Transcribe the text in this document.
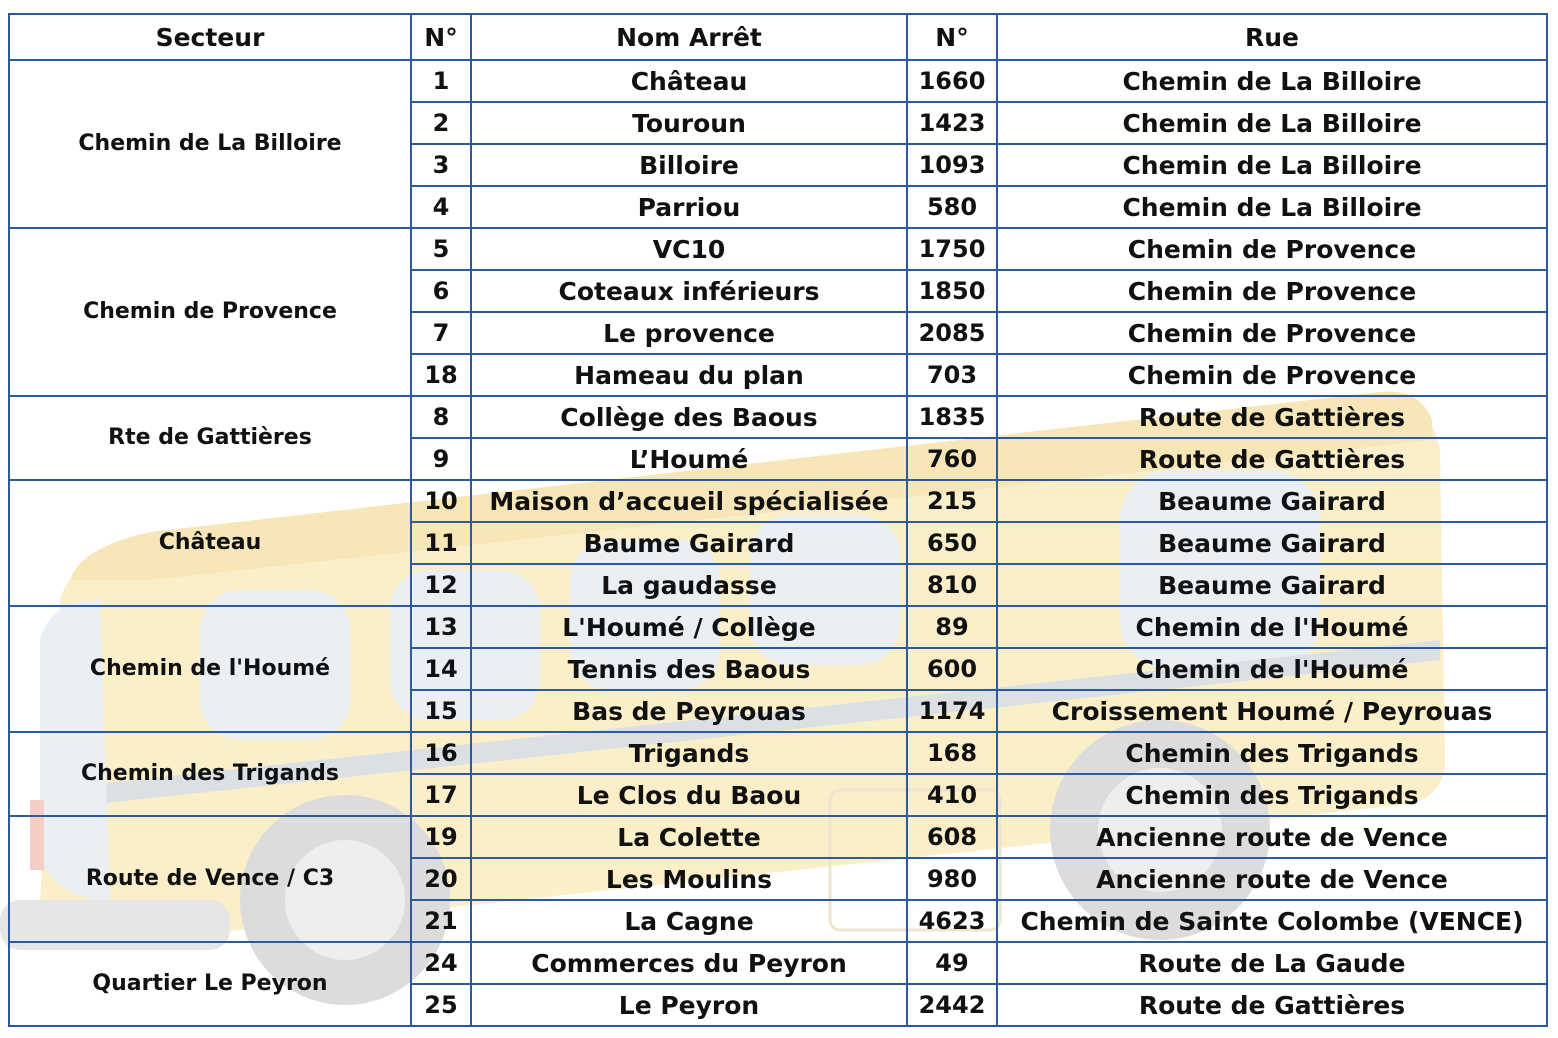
Secteur	N°	Nom Arrêt	N°	Rue
Chemin de La Billoire	1	Château	1660	Chemin de La Billoire
	2	Touroun	1423	Chemin de La Billoire
	3	Billoire	1093	Chemin de La Billoire
	4	Parriou	580	Chemin de La Billoire
Chemin de Provence	5	VC10	1750	Chemin de Provence
	6	Coteaux inférieurs	1850	Chemin de Provence
	7	Le provence	2085	Chemin de Provence
	18	Hameau du plan	703	Chemin de Provence
Rte de Gattières	8	Collège des Baous	1835	Route de Gattières
	9	L’Houmé	760	Route de Gattières
Château	10	Maison d’accueil spécialisée	215	Beaume Gairard
	11	Baume Gairard	650	Beaume Gairard
	12	La gaudasse	810	Beaume Gairard
Chemin de l'Houmé	13	L'Houmé / Collège	89	Chemin de l'Houmé
	14	Tennis des Baous	600	Chemin de l'Houmé
	15	Bas de Peyrouas	1174	Croissement Houmé / Peyrouas
Chemin des Trigands	16	Trigands	168	Chemin des Trigands
	17	Le Clos du Baou	410	Chemin des Trigands
Route de Vence / C3	19	La Colette	608	Ancienne route de Vence
	20	Les Moulins	980	Ancienne route de Vence
	21	La Cagne	4623	Chemin de Sainte Colombe (VENCE)
Quartier Le Peyron	24	Commerces du Peyron	49	Route de La Gaude
	25	Le Peyron	2442	Route de Gattières
